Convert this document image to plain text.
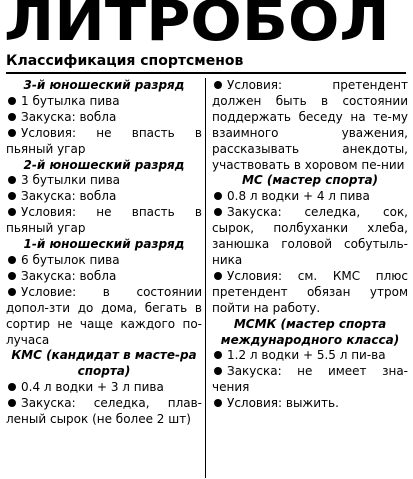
ЛИТРОБОЛ
Классификация спортсменов

3-й юношеский разряд

1 бутылка пива

Закуска: вобла

Условия: не впасть в пьяный угар

2-й юношеский разряд

3 бутылки пива

Закуска: вобла

Условия: не впасть в пьяный угар

1-й юношеский разряд

6 бутылок пива

Закуска: вобла

Условие: в состоянии допол-зти до дома, бегать в сортир не чаще каждого по-лучаса

КМС (кандидат в масте-ра спорта)

0.4 л водки + 3 л пива

Закуска: селедка, плав-леный сырок (не более 2 шт)

Условия: претендент должен быть в состоянии поддержать беседу на те-му взаимного уважения, рассказывать анекдоты, участвовать в хоровом пе-нии

МС (мастер спорта)

0.8 л водки + 4 л пива

Закуска: селедка, сок, сырок, полбуханки хлеба, занюшка головой собутыль-ника

Условия: см. КМС плюс претендент обязан утром пойти на работу.

МСМК (мастер спорта международного класса)

1.2 л водки + 5.5 л пи-ва

Закуска: не имеет зна-чения

Условия: выжить.
